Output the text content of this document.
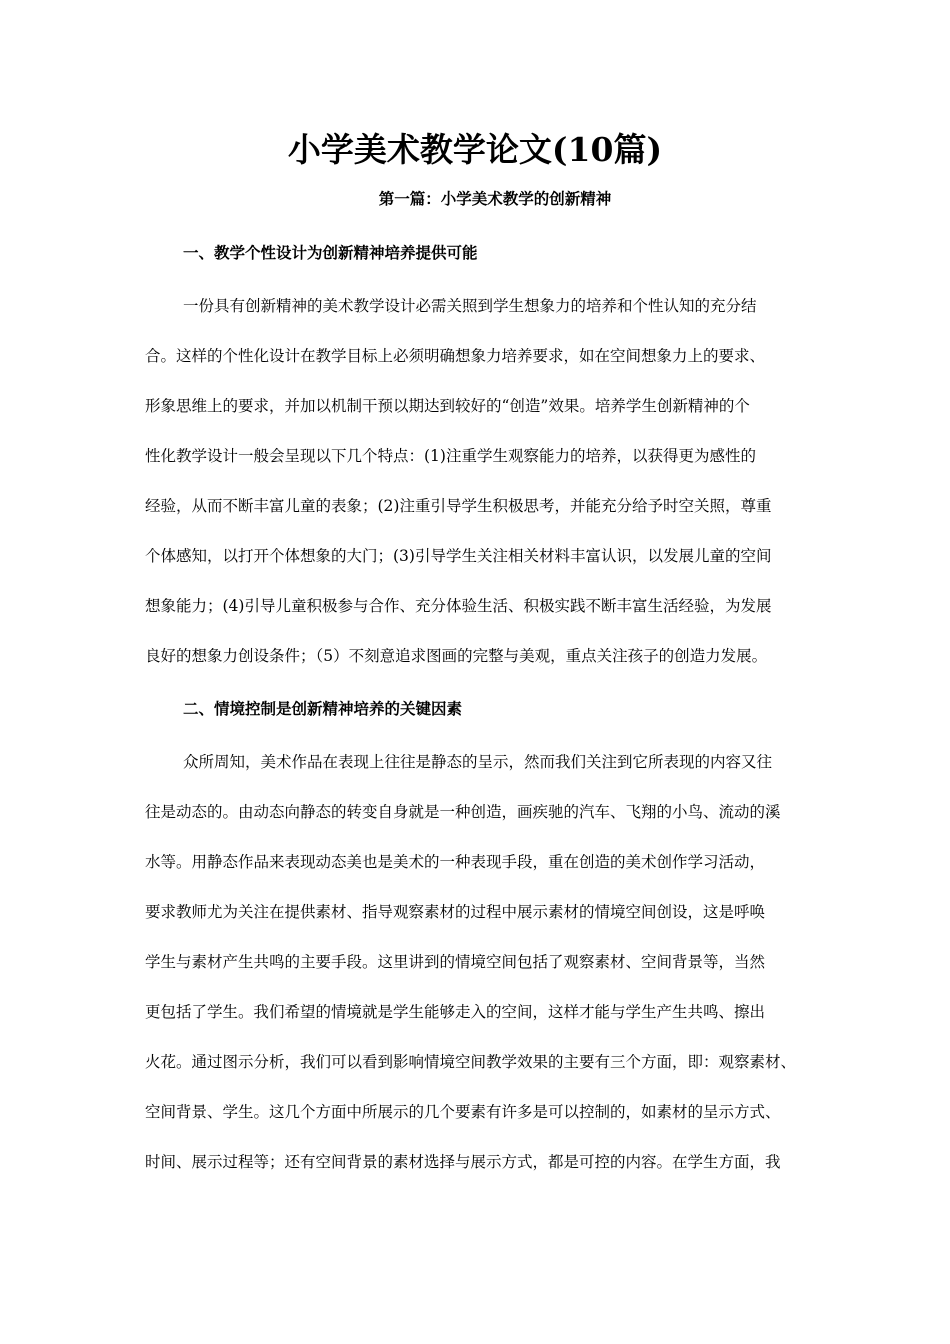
小学美术教学论文(10篇)
第一篇：小学美术教学的创新精神
一、教学个性设计为创新精神培养提供可能
一份具有创新精神的美术教学设计必需关照到学生想象力的培养和个性认知的充分结
合。这样的个性化设计在教学目标上必须明确想象力培养要求，如在空间想象力上的要求、
形象思维上的要求，并加以机制干预以期达到较好的“创造”效果。培养学生创新精神的个
性化教学设计一般会呈现以下几个特点：(1)注重学生观察能力的培养，以获得更为感性的
经验，从而不断丰富儿童的表象；(2)注重引导学生积极思考，并能充分给予时空关照，尊重
个体感知，以打开个体想象的大门；(3)引导学生关注相关材料丰富认识，以发展儿童的空间
想象能力；(4)引导儿童积极参与合作、充分体验生活、积极实践不断丰富生活经验，为发展
良好的想象力创设条件；（5）不刻意追求图画的完整与美观，重点关注孩子的创造力发展。
二、情境控制是创新精神培养的关键因素
众所周知，美术作品在表现上往往是静态的呈示，然而我们关注到它所表现的内容又往
往是动态的。由动态向静态的转变自身就是一种创造，画疾驰的汽车、飞翔的小鸟、流动的溪
水等。用静态作品来表现动态美也是美术的一种表现手段，重在创造的美术创作学习活动，
要求教师尤为关注在提供素材、指导观察素材的过程中展示素材的情境空间创设，这是呼唤
学生与素材产生共鸣的主要手段。这里讲到的情境空间包括了观察素材、空间背景等，当然
更包括了学生。我们希望的情境就是学生能够走入的空间，这样才能与学生产生共鸣、擦出
火花。通过图示分析，我们可以看到影响情境空间教学效果的主要有三个方面，即：观察素材、
空间背景、学生。这几个方面中所展示的几个要素有许多是可以控制的，如素材的呈示方式、
时间、展示过程等；还有空间背景的素材选择与展示方式，都是可控的内容。在学生方面，我
